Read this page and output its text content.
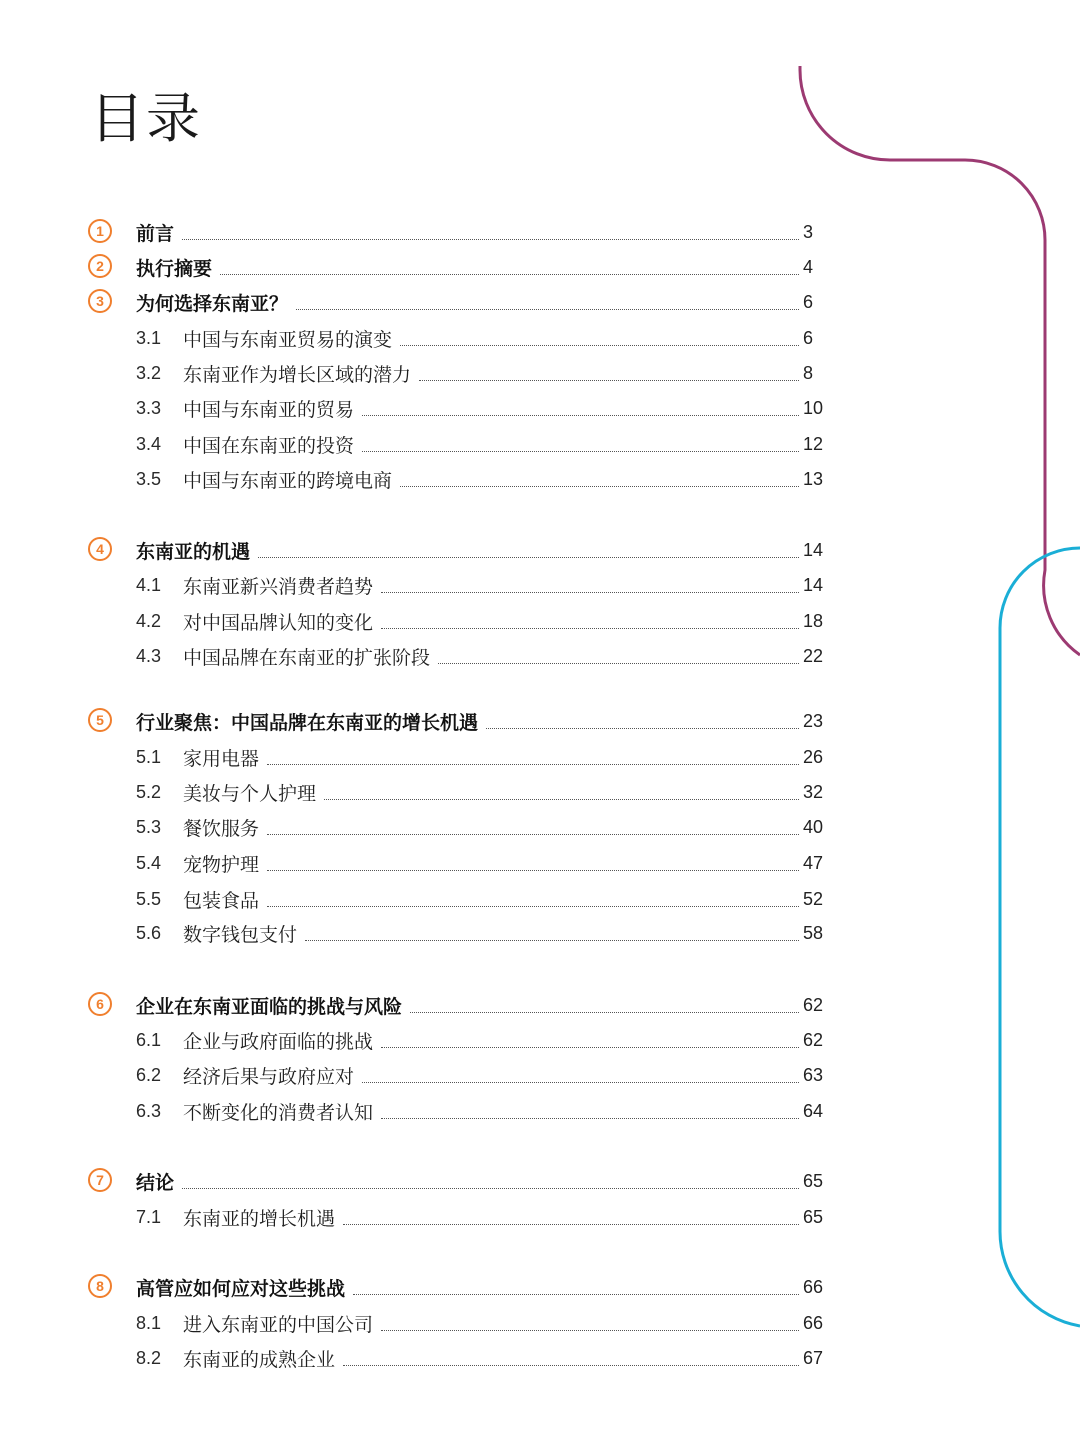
目录
1	前言	3
2	执行摘要	4
3	为何选择东南亚？	6
3.1 中国与东南亚贸易的演变	6
3.2 东南亚作为增长区域的潜力	8
3.3 中国与东南亚的贸易	10
3.4 中国在东南亚的投资	12
3.5 中国与东南亚的跨境电商	13
4	东南亚的机遇	14
4.1 东南亚新兴消费者趋势	14
4.2 对中国品牌认知的变化	18
4.3 中国品牌在东南亚的扩张阶段	22
5	行业聚焦：中国品牌在东南亚的增长机遇	23
5.1 家用电器	26
5.2 美妆与个人护理	32
5.3 餐饮服务	40
5.4 宠物护理	47
5.5 包装食品	52
5.6 数字钱包支付	58
6	企业在东南亚面临的挑战与风险	62
6.1 企业与政府面临的挑战	62
6.2 经济后果与政府应对	63
6.3 不断变化的消费者认知	64
7	结论	65
7.1 东南亚的增长机遇	65
8	高管应如何应对这些挑战	66
8.1 进入东南亚的中国公司	66
8.2 东南亚的成熟企业	67
